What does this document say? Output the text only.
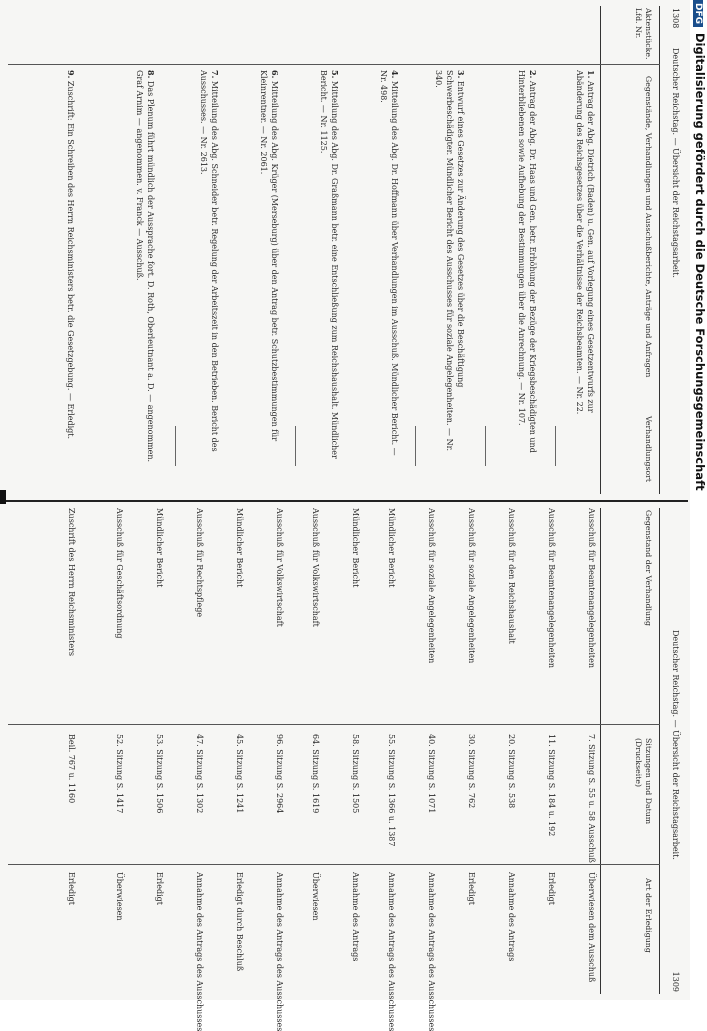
1308
Deutscher Reichstag. — Übersicht der Reichstagsarbeit.
Aktenstücke. Lfd. Nr.
Gegenstände, Verhandlungen und Ausschußberichte, Anträge und Anfragen
Verhandlungsort
1. Antrag der Abg. Dietrich (Baden) u. Gen. auf Vorlegung eines Gesetzentwurfs zur Abänderung des Reichsgesetzes über die Verhältnisse der Reichsbeamten. — Nr. 22.
2. Antrag der Abg. Dr. Haas und Gen. betr. Erhöhung der Bezüge der Kriegsbeschädigten und Hinterbliebenen sowie Aufhebung der Bestimmungen über die Anrechnung. — Nr. 107.
3. Entwurf eines Gesetzes zur Änderung des Gesetzes über die Beschäftigung Schwerbeschädigter. Mündlicher Bericht des Ausschusses für soziale Angelegenheiten. — Nr. 340.
4. Mitteilung des Abg. Dr. Hoffmann über Verhandlungen im Ausschuß. Mündlicher Bericht. — Nr. 498.
5. Mitteilung des Abg. Dr. Graßmann betr. eine Entschließung zum Reichshaushalt. Mündlicher Bericht. — Nr. 1125.
6. Mitteilung des Abg. Krüger (Merseburg) über den Antrag betr. Schutzbestimmungen für Kleinrentner. — Nr. 2061.
7. Mitteilung des Abg. Schneider betr. Regelung der Arbeitszeit in den Betrieben. Bericht des Ausschusses. — Nr. 2613.
8. Das Plenum führt mündlich der Aussprache fort. D. Roth, Oberleutnant a. D. — angenommen. Graf Arnim — angenommen. v. Franck — Ausschuß.
9. Zuschrift: Ein Schreiben des Herrn Reichsministers betr. die Gesetzgebung. — Erledigt.
Deutscher Reichstag. — Übersicht der Reichstagsarbeit.
1309
Gegenstand der Verhandlung
Sitzungen und Datum (Druckseite)
Art der Erledigung
Ausschuß für Beamtenangelegenheiten
7. Sitzung S. 55 u. 58 Ausschuß
Überwiesen dem Ausschuß
Ausschuß für Beamtenangelegenheiten
11. Sitzung S. 184 u. 192
Erledigt
Ausschuß für den Reichshaushalt
20. Sitzung S. 538
Annahme des Antrags
Ausschuß für soziale Angelegenheiten
30. Sitzung S. 762
Erledigt
Ausschuß für soziale Angelegenheiten
40. Sitzung S. 1071
Annahme des Antrags des Ausschusses
Mündlicher Bericht
55. Sitzung S. 1366 u. 1387
Annahme des Antrags des Ausschusses
Mündlicher Bericht
58. Sitzung S. 1505
Annahme des Antrags
Ausschuß für Volkswirtschaft
64. Sitzung S. 1619
Überwiesen
Ausschuß für Volkswirtschaft
96. Sitzung S. 2964
Annahme des Antrags des Ausschusses
Mündlicher Bericht
45. Sitzung S. 1241
Erledigt durch Beschluß
Ausschuß für Rechtspflege
47. Sitzung S. 1302
Annahme des Antrags des Ausschusses
Mündlicher Bericht
53. Sitzung S. 1506
Erledigt
Ausschuß für Geschäftsordnung
52. Sitzung S. 1417
Überwiesen
Zuschrift des Herrn Reichsministers
Beil. 767 u. 1160
Erledigt
DFGDigitalisierung gefördert durch die Deutsche Forschungsgemeinschaft
